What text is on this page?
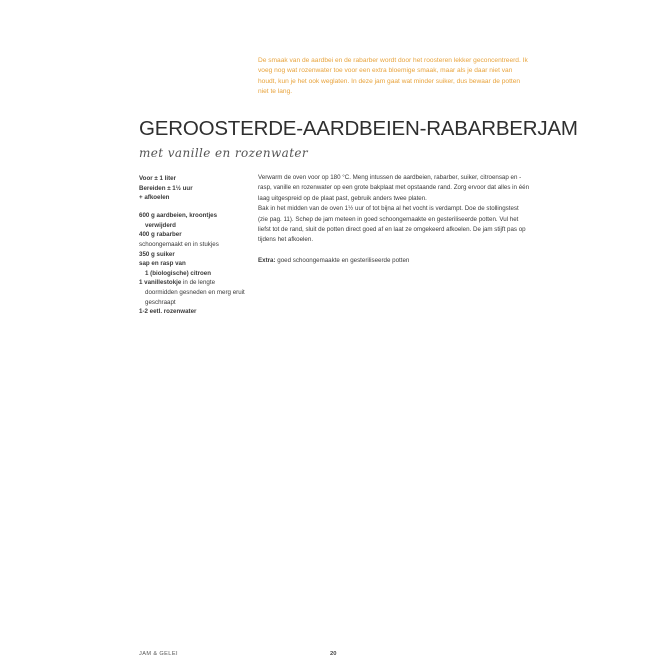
De smaak van de aardbei en de rabarber wordt door het roosteren lekker geconcentreerd. Ik voeg nog wat rozenwater toe voor een extra bloemige smaak, maar als je daar niet van houdt, kun je het ook weglaten. In deze jam gaat wat minder suiker, dus bewaar de potten niet te lang.

GEROOSTERDE-AARDBEIEN-RABARBERJAM
met vanille en rozenwater
Voor ± 1 liter
Bereiden ± 1½ uur
+ afkoelen
600 g aardbeien, kroontjes
verwijderd
400 g rabarber
schoongemaakt en in stukjes
350 g suiker
sap en rasp van
1 (biologische) citroen
1 vanillestokje in de lengte
doormidden gesneden en merg eruit geschraapt
1-2 eetl. rozenwater

Verwarm de oven voor op 180 °C. Meng intussen de aardbeien, rabarber, suiker, citroensap en -rasp, vanille en rozenwater op een grote bakplaat met opstaande rand. Zorg ervoor dat alles in één laag uitgespreid op de plaat past, gebruik anders twee platen.

Bak in het midden van de oven 1½ uur of tot bijna al het vocht is verdampt. Doe de stollingstest (zie pag. 11). Schep de jam meteen in goed schoongemaakte en gesteriliseerde potten. Vul het liefst tot de rand, sluit de potten direct goed af en laat ze omgekeerd afkoelen. De jam stijft pas op tijdens het afkoelen.

Extra: goed schoongemaakte en gesteriliseerde potten

JAM & GELEI	20
